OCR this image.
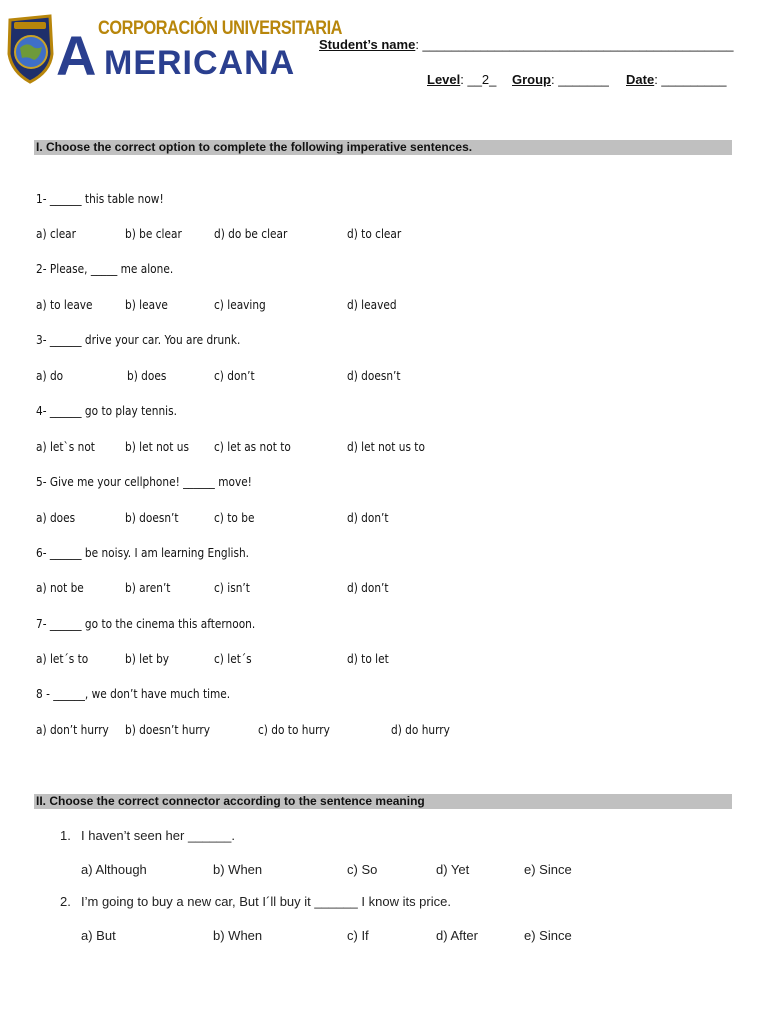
CORPORACIÓN UNIVERSITARIA
A MERICANA Student’s name: ___________________________________________
Level: __2_ Group: _______ Date: _________
I. Choose the correct option to complete the following imperative sentences.
1- ______ this table now!
a) clear	b) be clear	d) do be clear	d) to clear
2- Please, _____ me alone.
a) to leave	b) leave	c) leaving	d) leaved
3- ______ drive your car. You are drunk.
a) do	b) does	c) don’t	d) doesn’t
4- ______ go to play tennis.
a) let`s not	b) let not us c) let as not to	d) let not us to
5- Give me your cellphone! ______ move!
a) does	b) doesn’t	c) to be	d) don’t
6- ______ be noisy. I am learning English.
a) not be	b) aren’t	c) isn’t	d) don’t
7- ______ go to the cinema this afternoon.
a) let´s to	b) let by	c) let´s	d) to let
8 - ______, we don’t have much time.
a) don’t hurry b) doesn’t hurry	c) do to hurry	d) do hurry
II. Choose the correct connector according to the sentence meaning
1. I haven’t seen her ______.
a) Although	b) When	c) So	d) Yet	e) Since
2. I’m going to buy a new car, But I´ll buy it ______ I know its price.
a) But	b) When	c) If	d) After	e) Since
